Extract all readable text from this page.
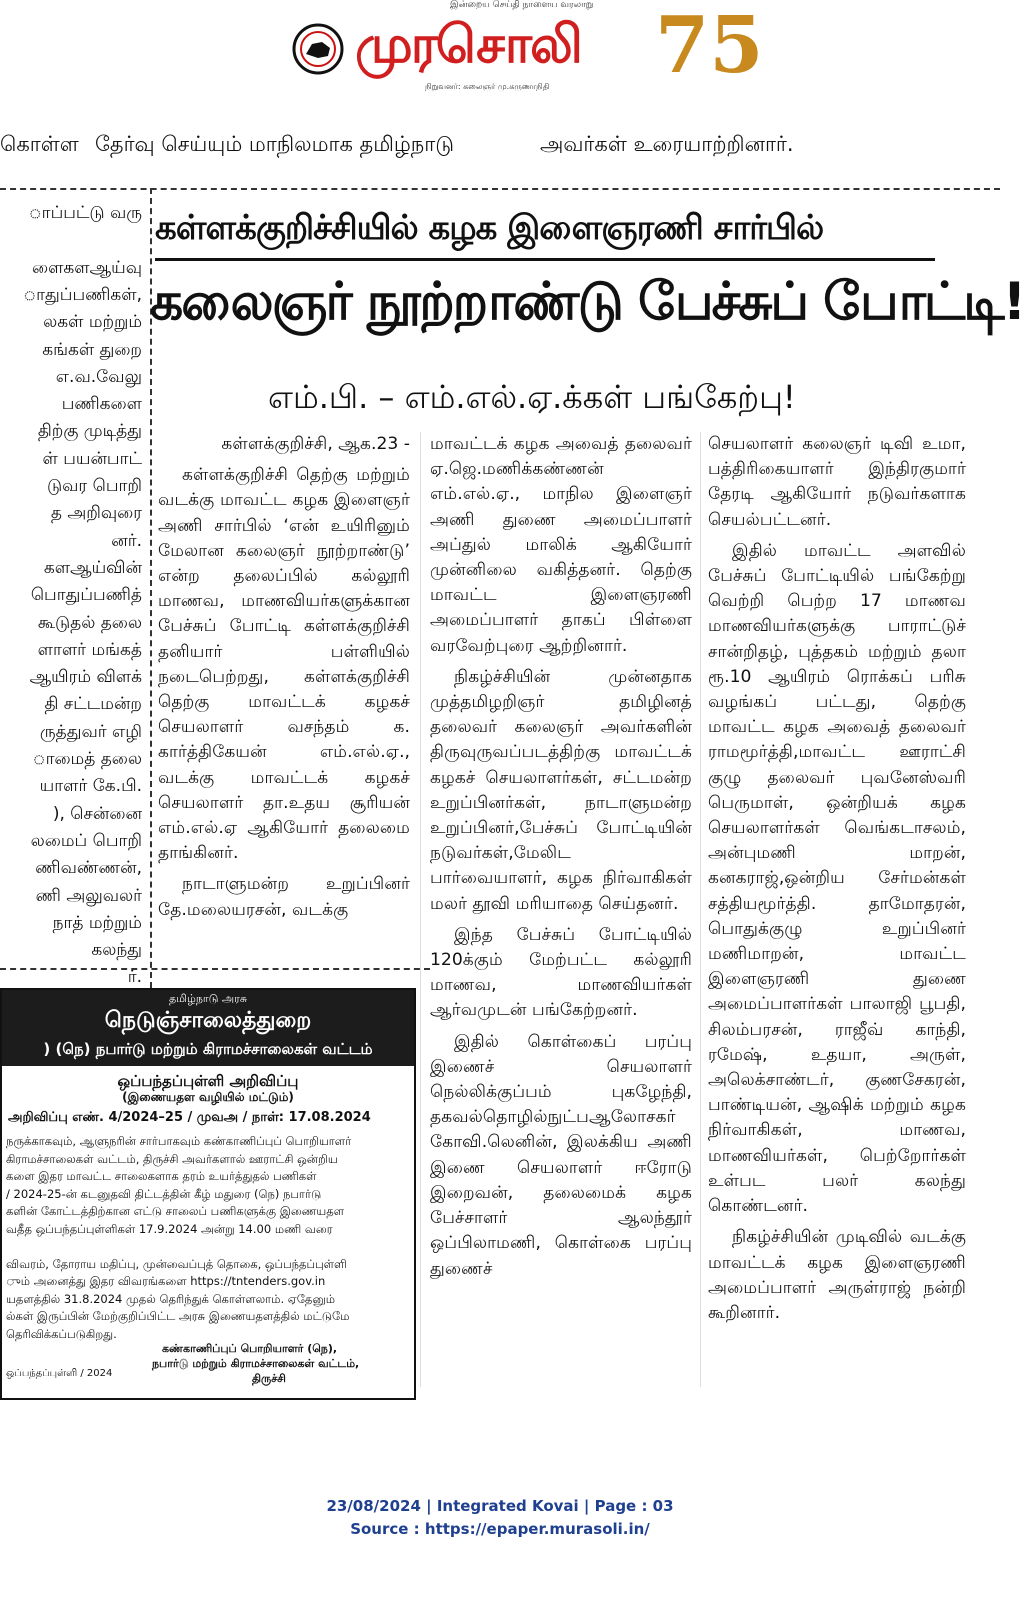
இன்றைய செய்தி நாளைய வரலாறு
முரசொலி
நிறுவனர்: கலைஞர் மு.கருணாநிதி 75
கொள்ள தேர்வு செய்யும் மாநிலமாக தமிழ்நாடு	அவர்கள் உரையாற்றினார்.
ாப்பட்டு வரு
ளைகளஆய்வு
ாதுப்பணிகள்,
லகள் மற்றும்
கங்கள் துறை
எ.வ.வேலு
பணிகளை
திற்கு முடித்து
ள் பயன்பாட்
டுவர பொறி
த அறிவுரை
னர்.
களஆய்வின்
பொதுப்பணித்
கூடுதல் தலை
ளாளர் மங்கத்
ஆயிரம் விளக்
தி சட்டமன்ற
ருத்துவர் எழி
ாமைத் தலை
யாளர் கே.பி.
), சென்னை
லமைப் பொறி
ணிவண்ணன்,
ணி அலுவலர்
நாத் மற்றும்
கலந்து
ர்.
கள்ளக்குறிச்சியில் கழக இளைஞரணி சார்பில்
கலைஞர் நூற்றாண்டு பேச்சுப் போட்டி!
எம்.பி. – எம்.எல்.ஏ.க்கள் பங்கேற்பு!

கள்ளக்குறிச்சி, ஆக.23 -

கள்ளக்குறிச்சி தெற்கு மற்றும் வடக்கு மாவட்ட கழக இளைஞர் அணி சார்பில் ‘என் உயிரினும் மேலான கலைஞர் நூற்றாண்டு’ என்ற தலைப்பில் கல்லூரி மாணவ, மாணவியர்களுக்கான பேச்சுப் போட்டி கள்ளக்குறிச்சி தனியார் பள்ளியில் நடைபெற்றது, கள்ளக்குறிச்சி தெற்கு மாவட்டக் கழகச் செயலாளர் வசந்தம் க. கார்த்திகேயன் எம்.எல்.ஏ., வடக்கு மாவட்டக் கழகச் செயலாளர் தா.உதய சூரியன் எம்.எல்.ஏ ஆகியோர் தலைமை தாங்கினர்.

நாடாளுமன்ற உறுப்பினர் தே.மலையரசன், வடக்கு

மாவட்டக் கழக அவைத் தலைவர் ஏ.ஜெ.மணிக்கண்ணன் எம்.எல்.ஏ., மாநில இளைஞர் அணி துணை அமைப்பாளர் அப்துல் மாலிக் ஆகியோர் முன்னிலை வகித்தனர். தெற்கு மாவட்ட இளைஞரணி அமைப்பாளர் தாகப் பிள்ளை வரவேற்புரை ஆற்றினார்.

நிகழ்ச்சியின் முன்னதாக முத்தமிழறிஞர் தமிழினத் தலைவர் கலைஞர் அவர்களின் திருவுருவப்படத்திற்கு மாவட்டக் கழகச் செயலாளர்கள், சட்டமன்ற உறுப்பினர்கள், நாடாளுமன்ற உறுப்பினர்,பேச்சுப் போட்டியின் நடுவர்கள்,மேலிட பார்வையாளர், கழக நிர்வாகிகள் மலர் தூவி மரியாதை செய்தனர்.

இந்த பேச்சுப் போட்டியில் 120க்கும் மேற்பட்ட கல்லூரி மாணவ, மாணவியர்கள் ஆர்வமுடன் பங்கேற்றனர்.

இதில் கொள்கைப் பரப்பு இணைச் செயலாளர் நெல்லிக்குப்பம் புகழேந்தி, தகவல்தொழில்நுட்பஆலோசகர் கோவி.லெனின், இலக்கிய அணி இணை செயலாளர் ஈரோடு இறைவன், தலைமைக் கழக பேச்சாளர் ஆலந்தூர் ஒப்பிலாமணி, கொள்கை பரப்பு துணைச்

செயலாளர் கலைஞர் டிவி உமா, பத்திரிகையாளர் இந்திரகுமார் தேரடி ஆகியோர் நடுவர்களாக செயல்பட்டனர்.

இதில் மாவட்ட அளவில் பேச்சுப் போட்டியில் பங்கேற்று வெற்றி பெற்ற 17 மாணவ மாணவியர்களுக்கு பாராட்டுச் சான்றிதழ், புத்தகம் மற்றும் தலா ரூ.10 ஆயிரம் ரொக்கப் பரிசு வழங்கப் பட்டது, தெற்கு மாவட்ட கழக அவைத் தலைவர் ராமமூர்த்தி,மாவட்ட ஊராட்சி குழு தலைவர் புவனேஸ்வரி பெருமாள், ஒன்றியக் கழக செயலாளர்கள் வெங்கடாசலம், அன்புமணி மாறன், கனகராஜ்,ஒன்றிய சேர்மன்கள் சத்தியமூர்த்தி. தாமோதரன், பொதுக்குழு உறுப்பினர் மணிமாறன், மாவட்ட இளைஞரணி துணை அமைப்பாளர்கள் பாலாஜி பூபதி, சிலம்பரசன், ராஜீவ் காந்தி, ரமேஷ், உதயா, அருள், அலெக்சாண்டர், குணசேகரன், பாண்டியன், ஆஷிக் மற்றும் கழக நிர்வாகிகள், மாணவ, மாணவியர்கள், பெற்றோர்கள் உள்பட பலர் கலந்து கொண்டனர்.

நிகழ்ச்சியின் முடிவில் வடக்கு மாவட்டக் கழக இளைஞரணி அமைப்பாளர் அருள்ராஜ் நன்றி கூறினார்.

தமிழ்நாடு அரசு
நெடுஞ்சாலைத்துறை
) (நெ) நபார்டு மற்றும் கிராமச்சாலைகள் வட்டம்
ஒப்பந்தப்புள்ளி அறிவிப்பு
(இணையதள வழியில் மட்டும்)
அறிவிப்பு எண். 4/2024–25 / முவஅ / நாள்: 17.08.2024
நருக்காகவும், ஆளுநரின் சார்பாகவும் கண்காணிப்புப் பொறியாளர்
கிராமச்சாலைகள் வட்டம், திருச்சி அவர்களால் ஊராட்சி ஒன்றிய
களை இதர மாவட்ட சாலைகளாக தரம் உயர்த்துதல் பணிகள்
/ 2024-25-ன் கடனுதவி திட்டத்தின் கீழ் மதுரை (நெ) நபார்டு
களின் கோட்டத்திற்கான எட்டு சாலைப் பணிகளுக்கு இணையதள
வதீத ஒப்பந்தப்புள்ளிகள் 17.9.2024 அன்று 14.00 மணி வரை
விவரம், தோராய மதிப்பு, முன்வைப்புத் தொகை, ஒப்பந்தப்புள்ளி
ும் அனைத்து இதர விவரங்களை https://tntenders.gov.in
யதளத்தில் 31.8.2024 முதல் தெரிந்துக் கொள்ளலாம். ஏதேனும்
ல்கள் இருப்பின் மேற்குறிப்பிட்ட அரசு இணையதளத்தில் மட்டுமே
தெரிவிக்கப்படுகிறது.
கண்காணிப்புப் பொறியாளர் (நெ),
நபார்டு மற்றும் கிராமச்சாலைகள் வட்டம்,
திருச்சி
ஒப்பந்தப்புள்ளி / 2024
23/08/2024 | Integrated Kovai | Page : 03
Source : https://epaper.murasoli.in/
